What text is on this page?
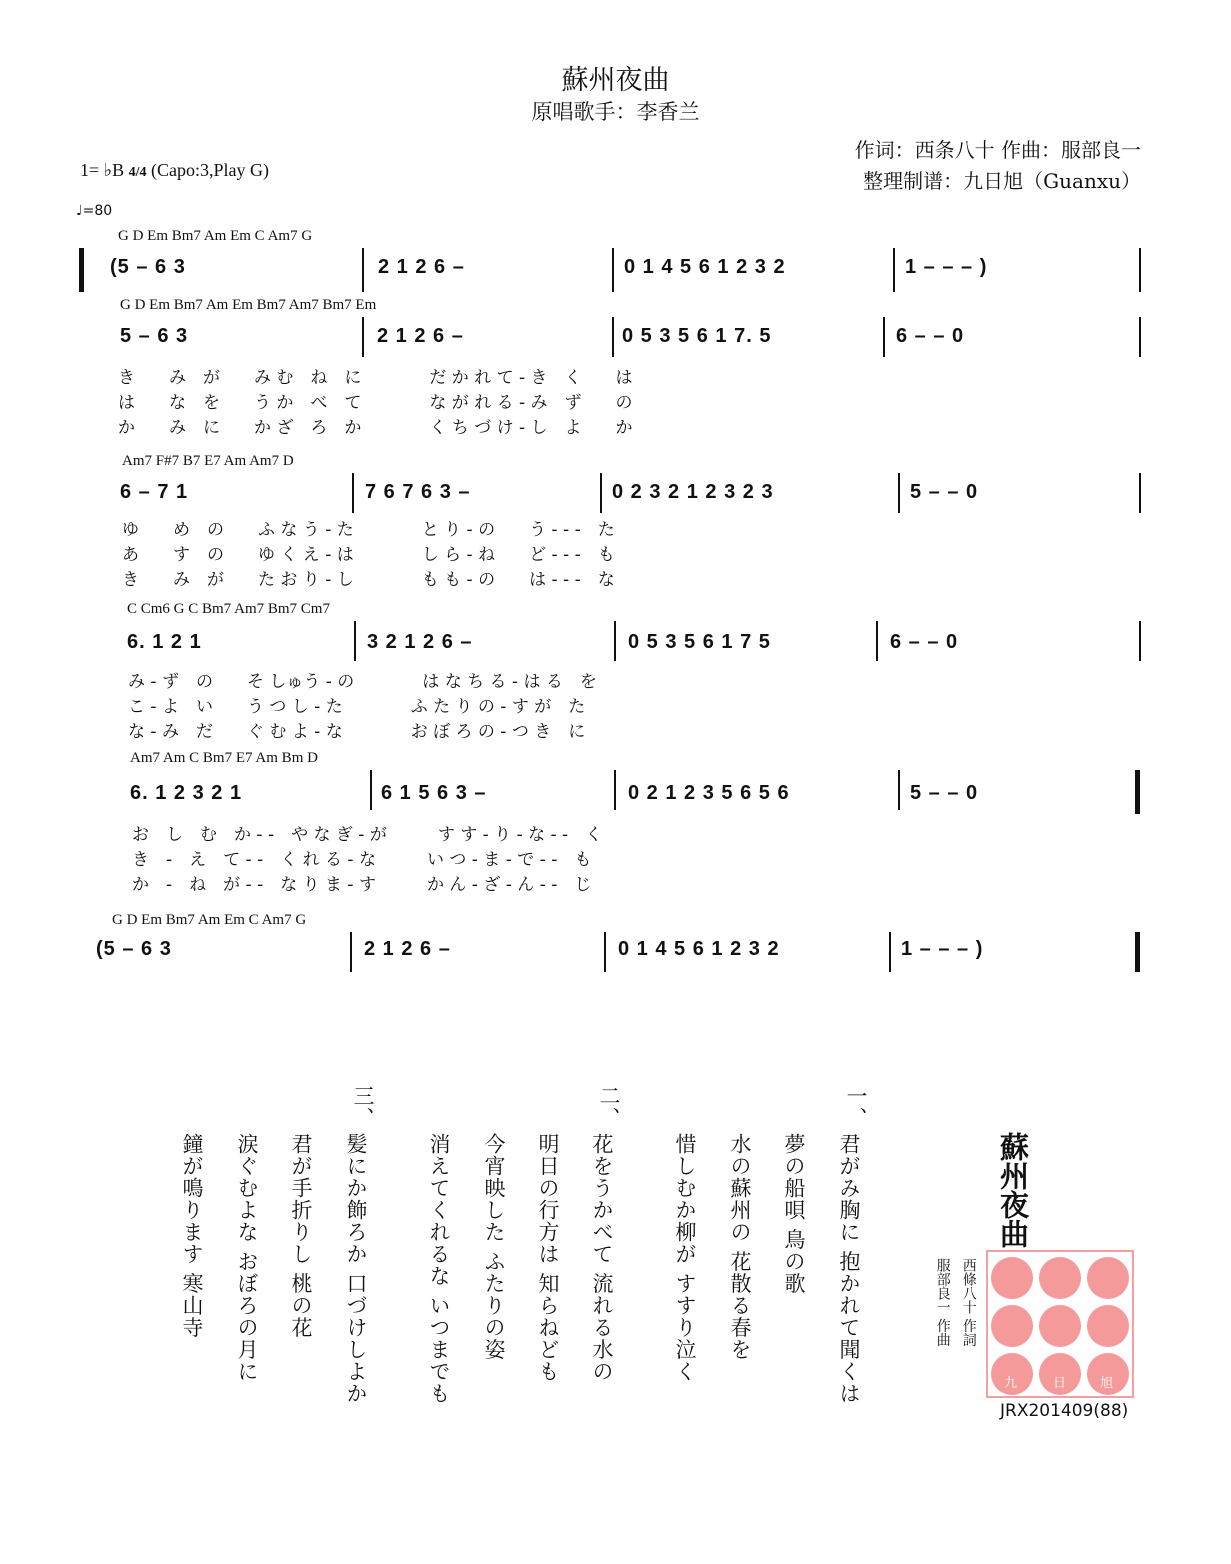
蘇州夜曲
原唱歌手：李香兰
作词：西条八十 作曲：服部良一
整理制谱：九日旭（Guanxu）
1= ♭B 4/4 (Capo:3,Play G)
♩=80
G D Em Bm7 Am Em C Am7 G
(5 – 6 3	2 1 2 6 –	0 1 4 5 6 1 2 3 2	1 – – – )
G D Em Bm7 Am Em Bm7 Am7 Bm7 Em
5 – 6 3	2 1 2 6 –	0 5 3 5 6 1 7. 5	6 – – 0
き　　み　が　　み む　ね　に　　　　だ か れ て - き　く　　は
は　　な　を　　う か　べ　て　　　　な が れ る - み　ず　　の
か　　み　に　　か ざ　ろ　か　　　　く ち づ け - し　よ　　か
Am7 F#7 B7 E7 Am Am7 D
6 – 7 1	7 6 7 6 3 –	0 2 3 2 1 2 3 2 3	5 – – 0
ゆ　　め　の　　ふ な う - た　　　　と り - の　　う - - -　た
あ　　す　の　　ゆ く え - は　　　　し ら - ね　　ど - - -　も
き　　み　が　　た お り - し　　　　も も - の　　は - - -　な
C Cm6 G C Bm7 Am7 Bm7 Cm7
6. 1 2 1	3 2 1 2 6 –	0 5 3 5 6 1 7 5	6 – – 0
み - ず　の　　そ しゅう - の　　　　は な ち る - は る　を
こ - よ　い　　う つ し - た　　　　ふ た り の - す が　た
な - み　だ　　ぐ む よ - な　　　　お ぼ ろ の - つ き　に
Am7 Am C Bm7 E7 Am Bm D
6. 1 2 3 2 1	6 1 5 6 3 –	0 2 1 2 3 5 6 5 6	5 – – 0
お　し　む　か - -　や な ぎ - が　　　す す - り - な - -　く
き　-　え　て - -　く れ る - な　　　い つ - ま - で - -　も
か　-　ね　が - -　な り ま - す　　　か ん - ざ - ん - -　じ
G D Em Bm7 Am Em C Am7 G
(5 – 6 3	2 1 2 6 –	0 1 4 5 6 1 2 3 2	1 – – – )
一、
君がみ胸に 抱かれて聞くは
夢の船唄 鳥の歌
水の蘇州の 花散る春を
惜しむか柳が すすり泣く
二、
花をうかべて 流れる水の
明日の行方は 知らねども
今宵映した ふたりの姿
消えてくれるな いつまでも
三、
髪にか飾ろか 口づけしよか
君が手折りし 桃の花
涙ぐむよな おぼろの月に
鐘が鳴ります 寒山寺	蘇州夜曲
西條八十 作詞
服部良一 作曲
九	日	旭
JRX201409(88)
